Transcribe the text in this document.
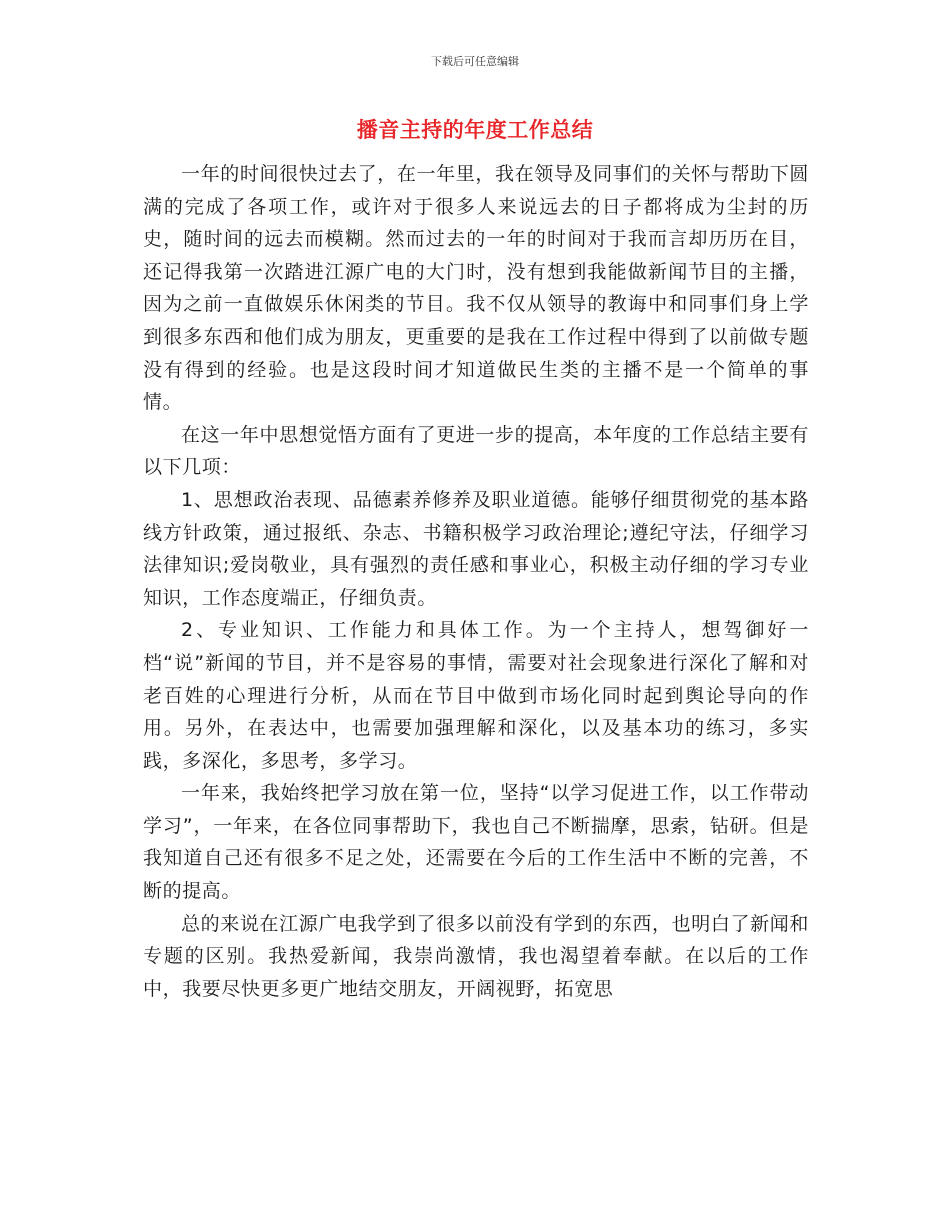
下载后可任意编辑
播音主持的年度工作总结

一年的时间很快过去了，在一年里，我在领导及同事们的关怀与帮助下圆满的完成了各项工作，或许对于很多人来说远去的日子都将成为尘封的历史，随时间的远去而模糊。然而过去的一年的时间对于我而言却历历在目，还记得我第一次踏进江源广电的大门时，没有想到我能做新闻节目的主播，因为之前一直做娱乐休闲类的节目。我不仅从领导的教诲中和同事们身上学到很多东西和他们成为朋友，更重要的是我在工作过程中得到了以前做专题没有得到的经验。也是这段时间才知道做民生类的主播不是一个简单的事情。

在这一年中思想觉悟方面有了更进一步的提高，本年度的工作总结主要有以下几项：

1、思想政治表现、品德素养修养及职业道德。能够仔细贯彻党的基本路线方针政策，通过报纸、杂志、书籍积极学习政治理论;遵纪守法，仔细学习法律知识;爱岗敬业，具有强烈的责任感和事业心，积极主动仔细的学习专业知识，工作态度端正，仔细负责。

2、专业知识、工作能力和具体工作。为一个主持人，想驾御好一档“说”新闻的节目，并不是容易的事情，需要对社会现象进行深化了解和对老百姓的心理进行分析，从而在节目中做到市场化同时起到舆论导向的作用。另外，在表达中，也需要加强理解和深化，以及基本功的练习，多实践，多深化，多思考，多学习。

一年来，我始终把学习放在第一位，坚持“以学习促进工作，以工作带动学习”，一年来，在各位同事帮助下，我也自己不断揣摩，思索，钻研。但是我知道自己还有很多不足之处，还需要在今后的工作生活中不断的完善，不断的提高。

总的来说在江源广电我学到了很多以前没有学到的东西，也明白了新闻和专题的区别。我热爱新闻，我崇尚激情，我也渴望着奉献。在以后的工作中，我要尽快更多更广地结交朋友，开阔视野，拓宽思
